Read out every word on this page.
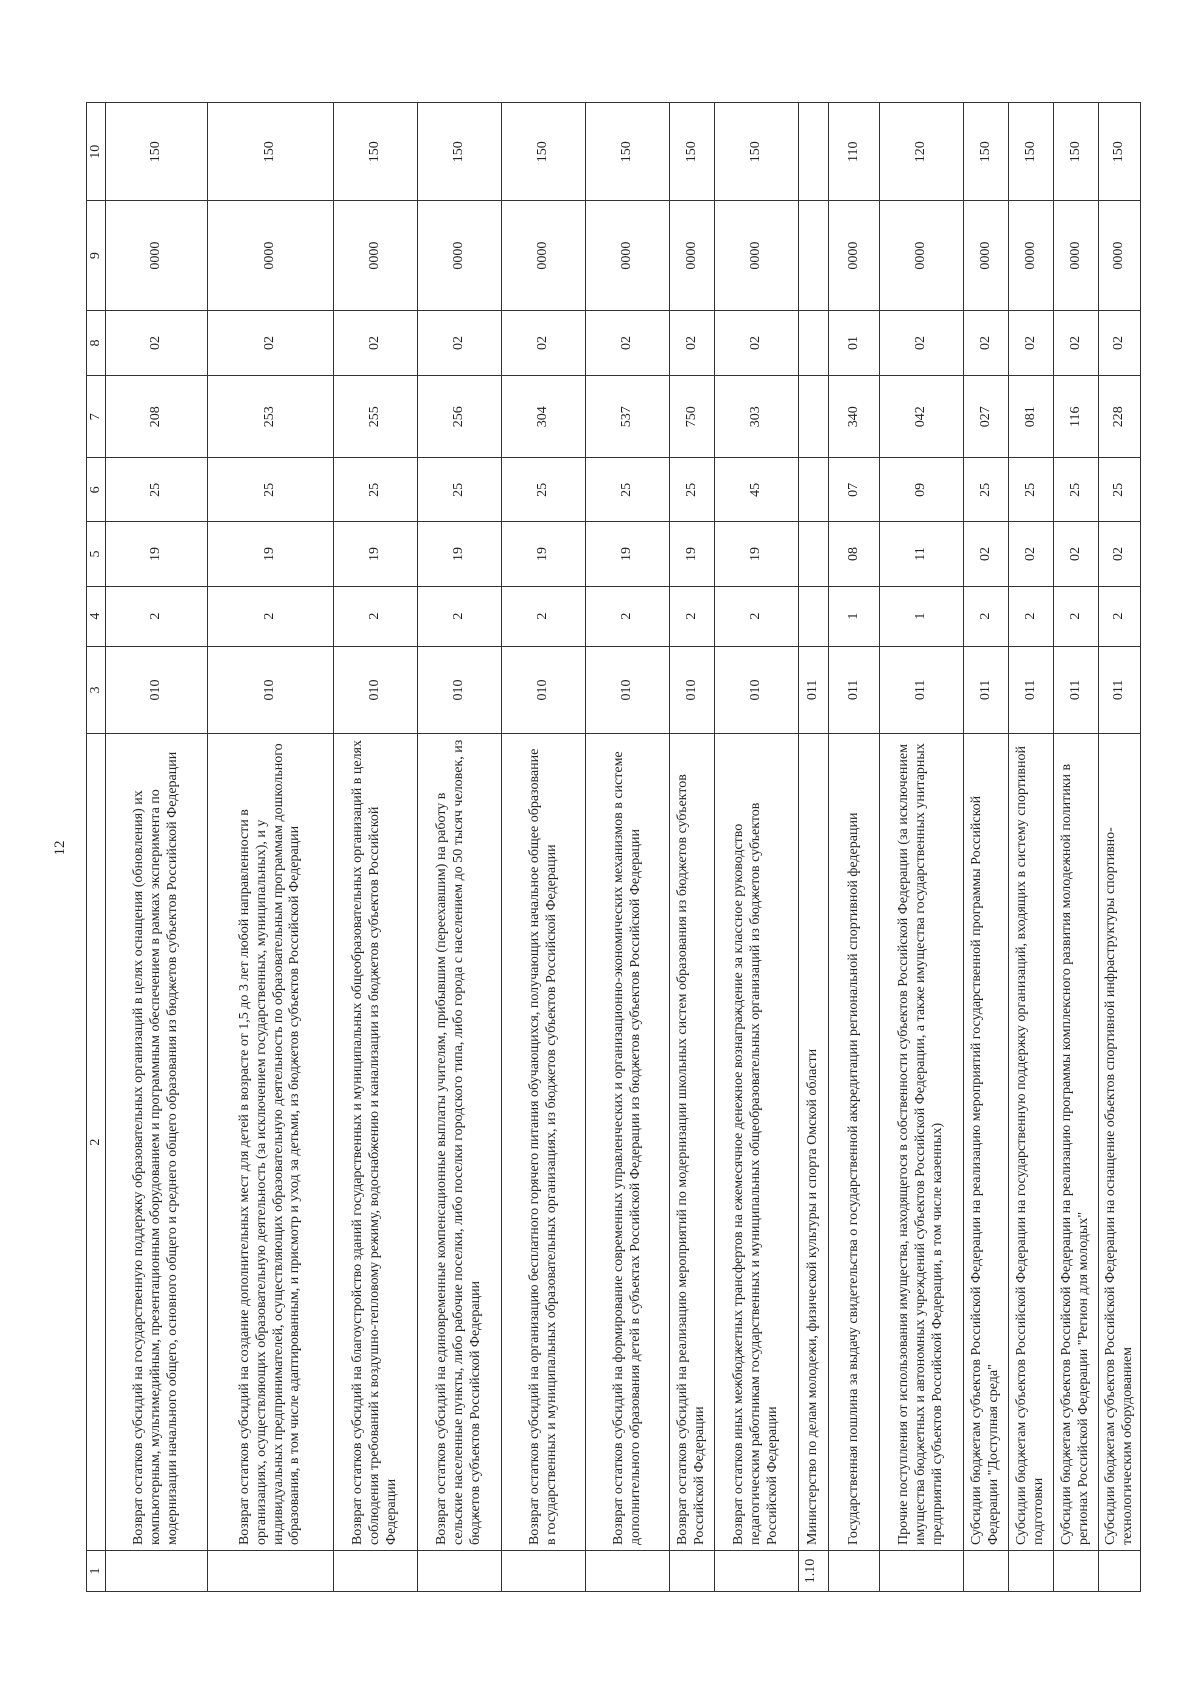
12
1	2	3	4	5	6	7	8	9	10
	Возврат остатков субсидий на государственную поддержку образовательных организаций в целях оснащения (обновления) их компьютерным, мультимедийным, презентационным оборудованием и программным обеспечением в рамках эксперимента по модернизации начального общего, основного общего и среднего общего образования из бюджетов субъектов Российской Федерации	010	2	19	25	208	02	0000	150
	Возврат остатков субсидий на создание дополнительных мест для детей в возрасте от 1,5 до 3 лет любой направленности в организациях, осуществляющих образовательную деятельность (за исключением государственных, муниципальных), и у индивидуальных предпринимателей, осуществляющих образовательную деятельность по образовательным программам дошкольного образования, в том числе адаптированным, и присмотр и уход за детьми, из бюджетов субъектов Российской Федерации	010	2	19	25	253	02	0000	150
	Возврат остатков субсидий на благоустройство зданий государственных и муниципальных общеобразовательных организаций в целях соблюдения требований к воздушно-тепловому режиму, водоснабжению и канализации из бюджетов субъектов Российской Федерации	010	2	19	25	255	02	0000	150
	Возврат остатков субсидий на единовременные компенсационные выплаты учителям, прибывшим (переехавшим) на работу в сельские населенные пункты, либо рабочие поселки, либо поселки городского типа, либо города с населением до 50 тысяч человек, из бюджетов субъектов Российской Федерации	010	2	19	25	256	02	0000	150
	Возврат остатков субсидий на организацию бесплатного горячего питания обучающихся, получающих начальное общее образование в государственных и муниципальных образовательных организациях, из бюджетов субъектов Российской Федерации	010	2	19	25	304	02	0000	150
	Возврат остатков субсидий на формирование современных управленческих и организационно-экономических механизмов в системе дополнительного образования детей в субъектах Российской Федерации из бюджетов субъектов Российской Федерации	010	2	19	25	537	02	0000	150
	Возврат остатков субсидий на реализацию мероприятий по модернизации школьных систем образования из бюджетов субъектов Российской Федерации	010	2	19	25	750	02	0000	150
	Возврат остатков иных межбюджетных трансфертов на ежемесячное денежное вознаграждение за классное руководство педагогическим работникам государственных и муниципальных общеобразовательных организаций из бюджетов субъектов Российской Федерации	010	2	19	45	303	02	0000	150
1.10	Министерство по делам молодежи, физической культуры и спорта Омской области	011							
	Государственная пошлина за выдачу свидетельства о государственной аккредитации региональной спортивной федерации	011	1	08	07	340	01	0000	110
	Прочие поступления от использования имущества, находящегося в собственности субъектов Российской Федерации (за исключением имущества бюджетных и автономных учреждений субъектов Российской Федерации, а также имущества государственных унитарных предприятий субъектов Российской Федерации, в том числе казенных)	011	1	11	09	042	02	0000	120
	Субсидии бюджетам субъектов Российской Федерации на реализацию мероприятий государственной программы Российской Федерации "Доступная среда"	011	2	02	25	027	02	0000	150
	Субсидии бюджетам субъектов Российской Федерации на государственную поддержку организаций, входящих в систему спортивной подготовки	011	2	02	25	081	02	0000	150
	Субсидии бюджетам субъектов Российской Федерации на реализацию программы комплексного развития молодежной политики в регионах Российской Федерации "Регион для молодых"	011	2	02	25	116	02	0000	150
	Субсидии бюджетам субъектов Российской Федерации на оснащение объектов спортивной инфраструктуры спортивно-технологическим оборудованием	011	2	02	25	228	02	0000	150
